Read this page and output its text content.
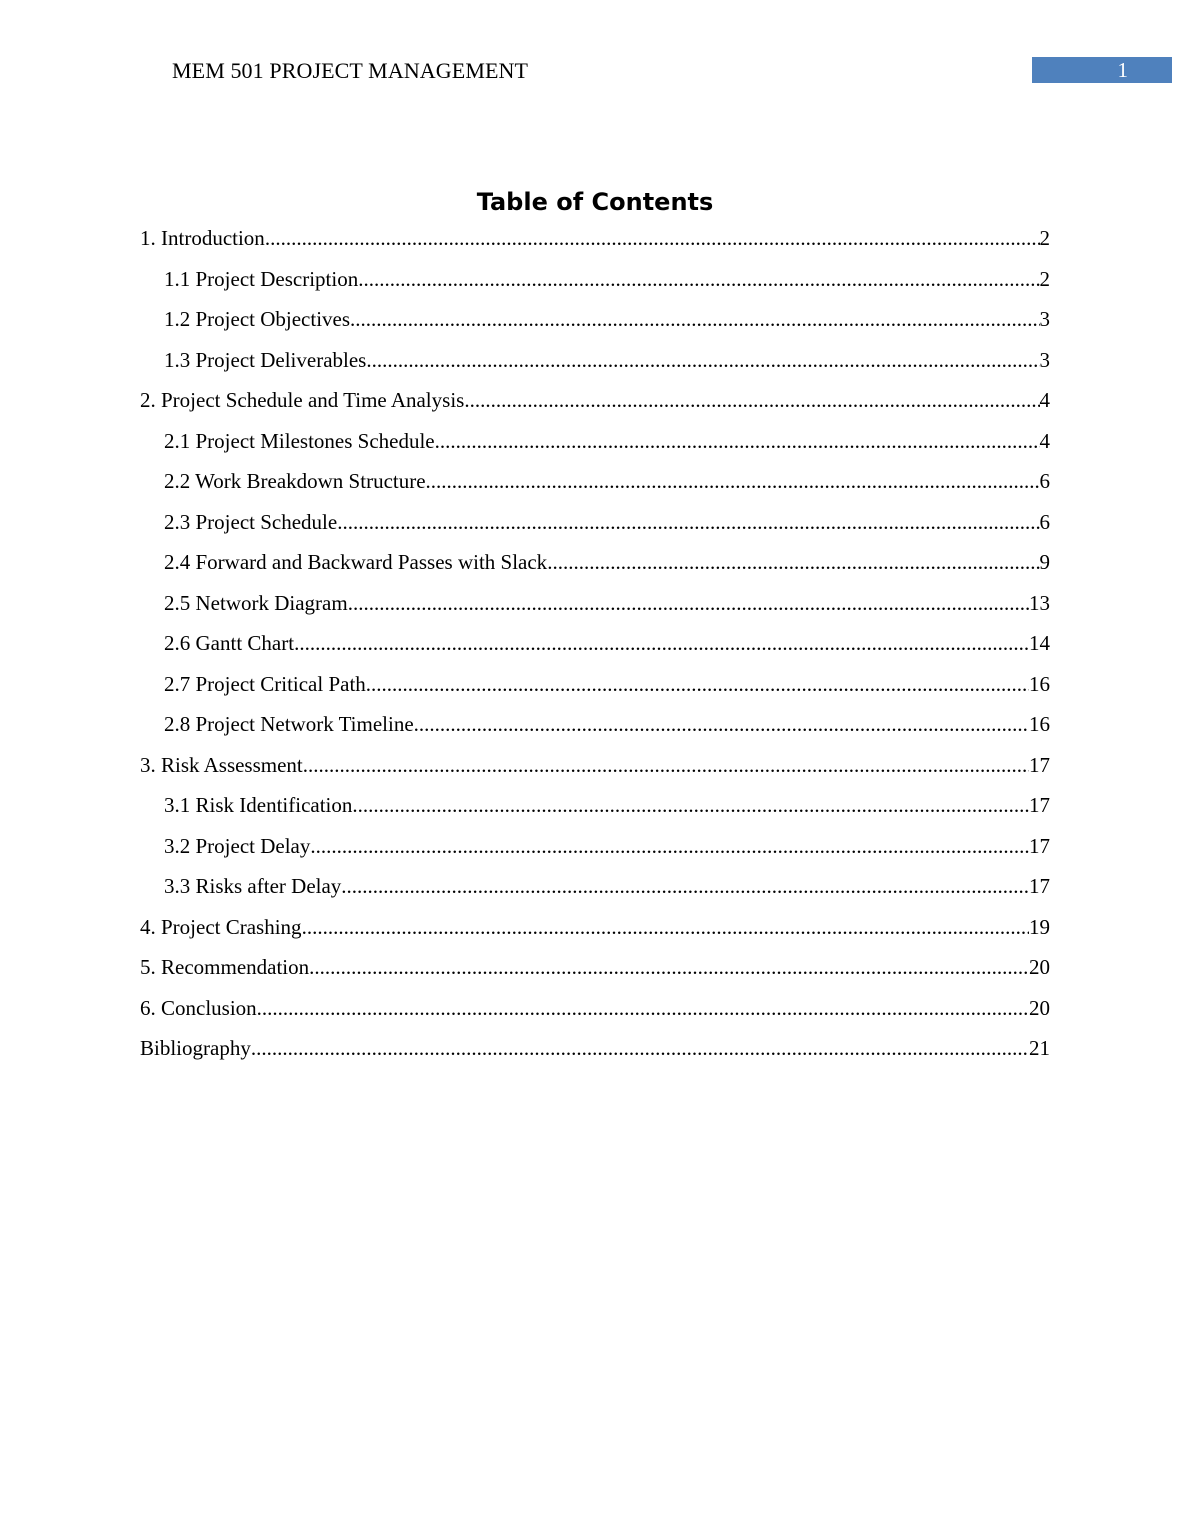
MEM 501 PROJECT MANAGEMENT	1
Table of Contents
1. Introduction .....	2
1.1 Project Description .....	2
1.2 Project Objectives .....	3
1.3 Project Deliverables .....	3
2. Project Schedule and Time Analysis .....	4
2.1 Project Milestones Schedule .....	4
2.2 Work Breakdown Structure .....	6
2.3 Project Schedule .....	6
2.4 Forward and Backward Passes with Slack .....	9
2.5 Network Diagram .....	13
2.6 Gantt Chart .....	14
2.7 Project Critical Path .....	16
2.8 Project Network Timeline .....	16
3. Risk Assessment .....	17
3.1 Risk Identification .....	17
3.2 Project Delay .....	17
3.3 Risks after Delay .....	17
4. Project Crashing .....	19
5. Recommendation .....	20
6. Conclusion .....	20
Bibliography .....	21
